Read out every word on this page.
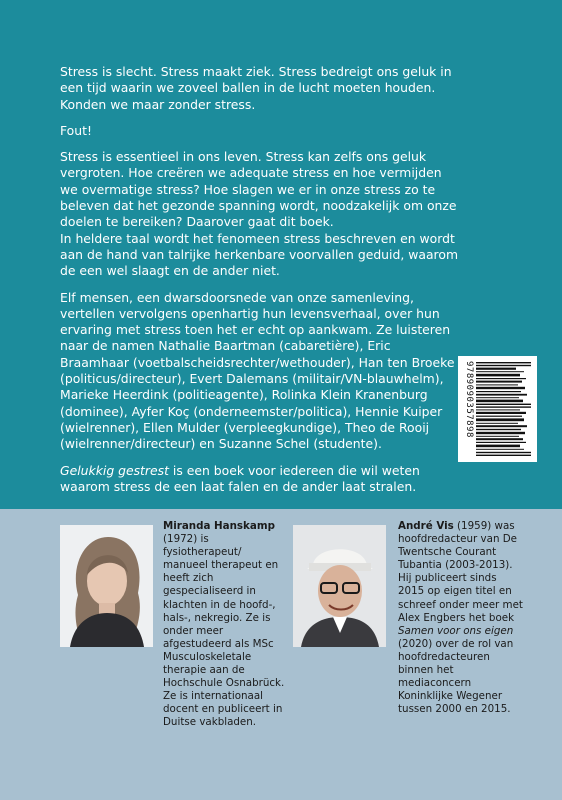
Stress is slecht. Stress maakt ziek. Stress bedreigt ons geluk in een tijd waarin we zoveel ballen in de lucht moeten houden. Konden we maar zonder stress.

Fout!

Stress is essentieel in ons leven. Stress kan zelfs ons geluk vergroten. Hoe creëren we adequate stress en hoe vermijden we overmatige stress? Hoe slagen we er in onze stress zo te beleven dat het gezonde spanning wordt, noodzakelijk om onze doelen te bereiken? Daarover gaat dit boek.

In heldere taal wordt het fenomeen stress beschreven en wordt aan de hand van talrijke herkenbare voorvallen geduid, waarom de een wel slaagt en de ander niet.

Elf mensen, een dwarsdoorsnede van onze samenleving, vertellen vervolgens openhartig hun levensverhaal, over hun ervaring met stress toen het er echt op aankwam. Ze luisteren naar de namen Nathalie Baartman (cabaretière), Eric Braamhaar (voetbalscheidsrechter/wethouder), Han ten Broeke (politicus/directeur), Evert Dalemans (militair/VN-blauwhelm), Marieke Heerdink (politieagente), Rolinka Klein Kranenburg (dominee), Ayfer Koç (onderneemster/politica), Hennie Kuiper (wielrenner), Ellen Mulder (verpleegkundige), Theo de Rooij (wielrenner/directeur) en Suzanne Schel (studente).

Gelukkig gestrest is een boek voor iedereen die wil weten waarom stress de een laat falen en de ander laat stralen.

9789090357898

Miranda Hanskamp (1972) is fysiotherapeut/ manueel therapeut en heeft zich gespecialiseerd in klachten in de hoofd-, hals-, nekregio. Ze is onder meer afgestudeerd als MSc Musculoskeletale therapie aan de Hochschule Osnabrück. Ze is internationaal docent en publiceert in Duitse vakbladen.

André Vis (1959) was hoofdredacteur van De Twentsche Courant Tubantia (2003-2013). Hij publiceert sinds 2015 op eigen titel en schreef onder meer met Alex Engbers het boek Samen voor ons eigen (2020) over de rol van hoofdredacteuren binnen het mediaconcern Koninklijke Wegener tussen 2000 en 2015.
